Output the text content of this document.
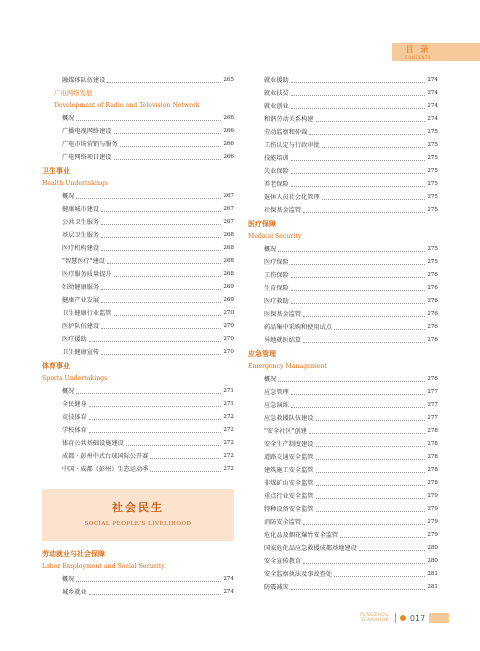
目 录
CONTENTS
融媒体队伍建设	265
广电网络发展
Development of Radio and Television Network
概况	266
广播电视网络建设	266
广电市场营销与服务	266
广电网络项目建设	266
卫生事业
Health Undertakings
概况	267
健康城市建设	267
公共卫生服务	267
基层卫生服务	268
医疗机构建设	268
"智慧医疗"建设	268
医疗服务质量提升	268
妇幼健康服务	269
健康产业发展	269
卫生健康行业监管	270
医护队伍建设	270
医疗援助	270
卫生健康宣传	270
体育事业
Sports Undertakings
概况	271
全民健身	271
竞技体育	272
学校体育	272
体育公共基础设施建设	272
成都 · 彭州中式台球国际公开赛	272
中国 · 成都（彭州）生态运动季	272
劳动就业与社会保障
Labor Employment and Social Security
概况	274
城乡就业	274
就业援助	274
就业扶贫	274
就业创业	274
和谐劳动关系构建	274
劳动监察和仲裁	275
工伤认定与行政审批	275
技能培训	275
失业保险	275
养老保险	275
退休人员社会化管理	275
社保基金监管	275
医疗保障
Medical Security
概况	275
医疗保险	275
工伤保险	276
生育保险	276
医疗救助	276
医保基金监管	276
药品集中采购和使用试点	276
异地就医结算	276
应急管理
Emergency Management
概况	276
应急管理	277
应急演练	277
应急救援队伍建设	277
"安全社区"创建	278
安全生产制度建设	278
道路交通安全监管	278
建筑施工安全监管	278
非煤矿山安全监管	278
重点行业安全监管	279
特种设备安全监管	279
消防安全监管	279
危化品及烟花爆竹安全监管	279
国家危化品应急救援成都基地建设	280
安全宣传教育	280
安全监察执法及事故查处	281
防震减灾	281
社会民生
SOCIAL PEOPLE'S LIVELIHOOD
PENGZHOU
YEARBOOK	017
